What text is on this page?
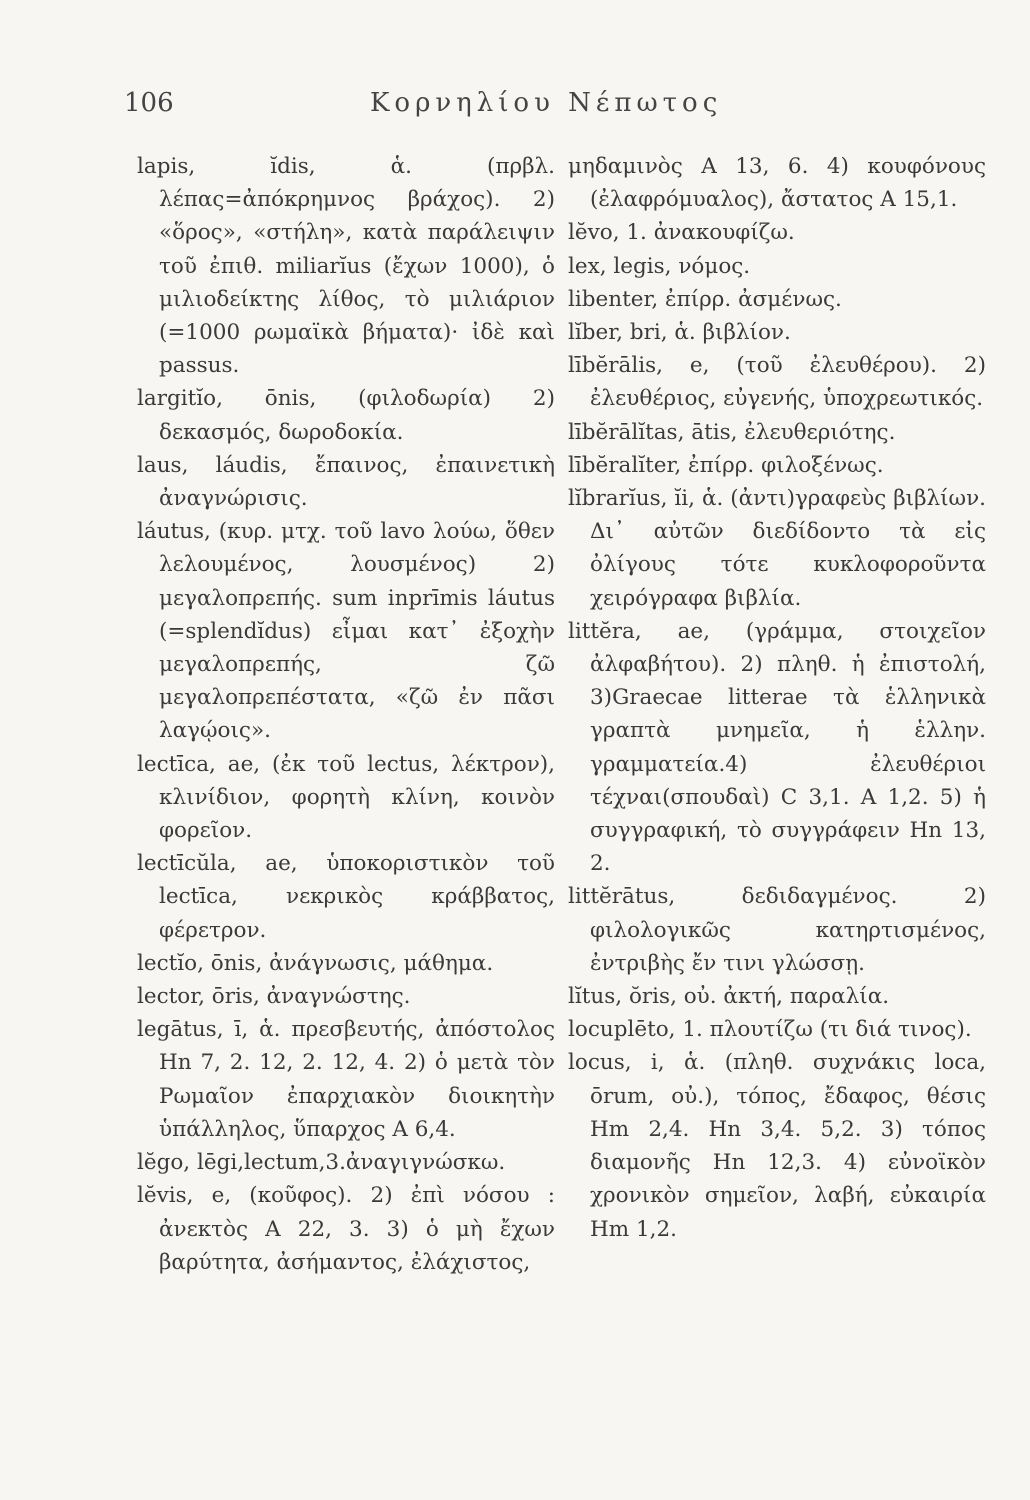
106	Κορνηλίου Νέπωτος

lapis, ĭdis, ἁ. (πρβλ. λέπας=ἀπόκρημνος βράχος). 2) «ὅρος», «στήλη», κατὰ παράλειψιν τοῦ ἐπιθ. miliarĭus (ἔχων 1000), ὁ μιλιοδείκτης λίθος, τὸ μιλιάριον (=1000 ρωμαϊκὰ βήματα)· ἰδὲ καὶ passus.

largitĭo, ōnis, (φιλοδωρία) 2) δεκασμός, δωροδοκία.

laus, láudis, ἔπαινος, ἐπαινετικὴ ἀναγνώρισις.

láutus, (κυρ. μτχ. τοῦ lavo λούω, ὅθεν λελουμένος, λουσμένος) 2) μεγαλοπρεπής. sum inprīmis láutus (=splendĭdus) εἶμαι κατ᾽ ἐξοχὴν μεγαλοπρεπής, ζῶ μεγαλοπρεπέστατα, «ζῶ ἐν πᾶσι λαγῴοις».

lectīca, ae, (ἐκ τοῦ lectus, λέκτρον), κλινίδιον, φορητὴ κλίνη, κοινὸν φορεῖον.

lectīcŭla, ae, ὑποκοριστικὸν τοῦ lectīca, νεκρικὸς κράββατος, φέρετρον.

lectĭo, ōnis, ἀνάγνωσις, μάθημα.

lector, ōris, ἀναγνώστης.

legātus, ī, ἁ. πρεσβευτής, ἀπόστολος Hn 7, 2. 12, 2. 12, 4. 2) ὁ μετὰ τὸν Ρωμαῖον ἐπαρχιακὸν διοικητὴν ὑπάλληλος, ὕπαρχος A 6,4.

lĕgo, lēgi,lectum,3.ἀναγιγνώσκω.

lĕvis, e, (κοῦφος). 2) ἐπὶ νόσου : ἀνεκτὸς A 22, 3. 3) ὁ μὴ ἔχων βαρύτητα, ἀσήμαντος, ἐλάχιστος,

μηδαμινὸς A 13, 6. 4) κουφόνους (ἐλαφρόμυαλος), ἄστατος A 15,1.

lĕvo, 1. ἀνακουφίζω.

lex, legis, νόμος.

libenter, ἐπίρρ. ἀσμένως.

lĭber, bri, ἁ. βιβλίον.

lībĕrālis, e, (τοῦ ἐλευθέρου). 2) ἐλευθέριος, εὐγενής, ὑποχρεωτικός.

lībĕrālĭtas, ātis, ἐλευθεριότης.

lībĕralĭter, ἐπίρρ. φιλοξένως.

lĭbrarĭus, ĭi, ἁ. (ἀντι)γραφεὺς βιβλίων. Δι᾽ αὐτῶν διεδίδοντο τὰ εἰς ὀλίγους τότε κυκλοφοροῦντα χειρόγραφα βιβλία.

littĕra, ae, (γράμμα, στοιχεῖον ἀλφαβήτου). 2) πληθ. ἡ ἐπιστολή, 3)Graecae litterae τὰ ἑλληνικὰ γραπτὰ μνημεῖα, ἡ ἑλλην. γραμματεία.4) ἐλευθέριοι τέχναι(σπουδαὶ) C 3,1. A 1,2. 5) ἡ συγγραφική, τὸ συγγράφειν Hn 13, 2.

littĕrātus, δεδιδαγμένος. 2) φιλολογικῶς κατηρτισμένος, ἐντριβὴς ἔν τινι γλώσσῃ.

lĭtus, ŏris, οὐ. ἀκτή, παραλία.

locuplēto, 1. πλουτίζω (τι διά τινος).

locus, i, ἁ. (πληθ. συχνάκις loca, ōrum, οὐ.), τόπος, ἔδαφος, θέσις Hm 2,4. Hn 3,4. 5,2. 3) τόπος διαμονῆς Hn 12,3. 4) εὐνοϊκὸν χρονικὸν σημεῖον, λαβή, εὐκαιρία Hm 1,2.
